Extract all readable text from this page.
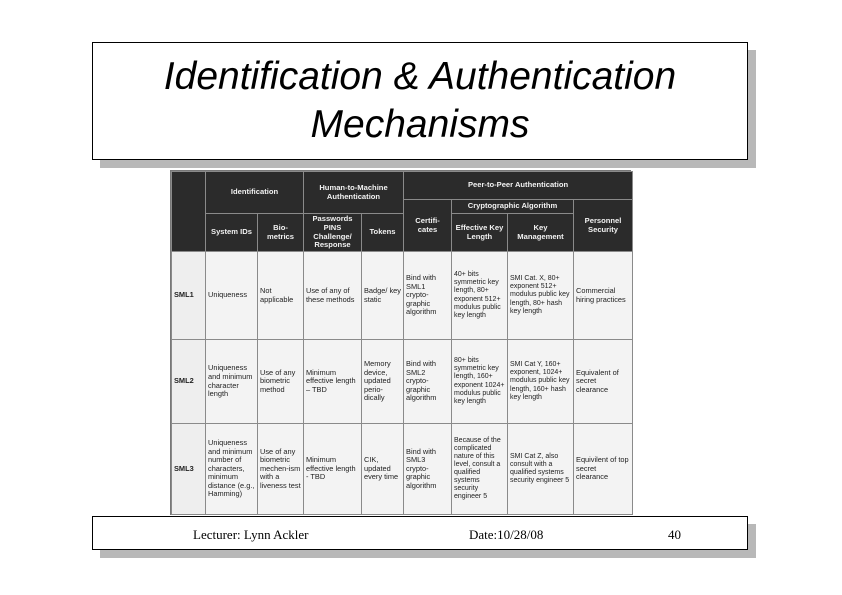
Identification & Authentication
Mechanisms
	Identification		Human-to-Machine Authentication		Peer-to-Peer Authentication			
					Certifi-cates	Cryptographic Algorithm		Personnel Security
	System IDs	Bio-metrics	Passwords PINS Challenge/ Response	Tokens		Effective Key Length	Key Management	
SML1	Uniqueness	Not applicable	Use of any of these methods	Badge/ key static	Bind with SML1 crypto-graphic algorithm	40+ bits symmetric key length, 80+ exponent 512+ modulus public key length	SMI Cat. X, 80+ exponent 512+ modulus public key length, 80+ hash key length	Commercial hiring practices
SML2	Uniqueness and minimum character length	Use of any biometric method	Minimum effective length – TBD	Memory device, updated perio-dically	Bind with SML2 crypto-graphic algorithm	80+ bits symmetric key length, 160+ exponent 1024+ modulus public key length	SMI Cat Y, 160+ exponent, 1024+ modulus public key length, 160+ hash key length	Equivalent of secret clearance
SML3	Uniqueness and minimum number of characters, minimum distance (e.g., Hamming)	Use of any biometric mechen-ism with a liveness test	Minimum effective length - TBD	CIK, updated every time	Bind with SML3 crypto-graphic algorithm	Because of the complicated nature of this level, consult a qualified systems security engineer 5	SMI Cat Z, also consult with a qualified systems security engineer 5	Equivilent of top secret clearance
Lecturer: Lynn Ackler	Date:10/28/08	40
